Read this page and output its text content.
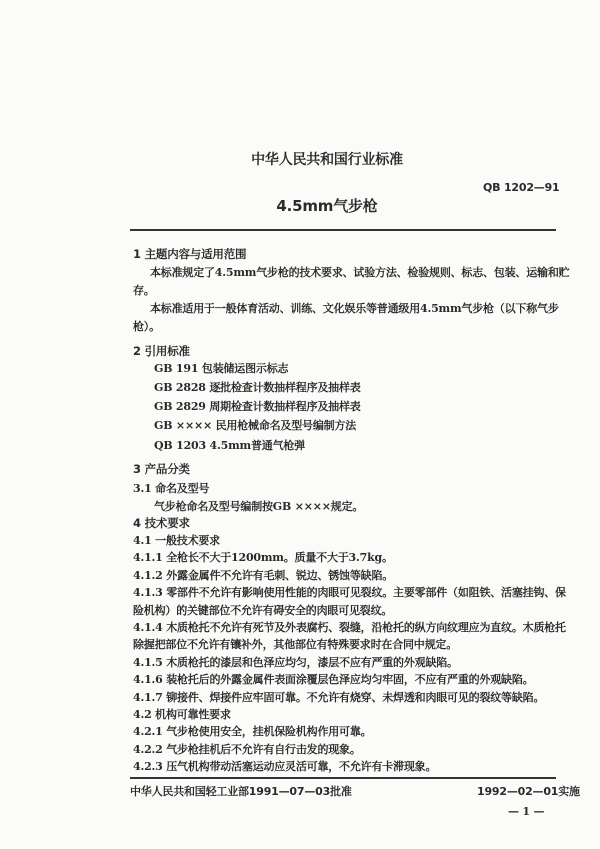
中华人民共和国行业标准
QB 1202—91
4.5mm气步枪
1 主题内容与适用范围
本标准规定了4.5mm气步枪的技术要求、试验方法、检验规则、标志、包装、运输和贮
存。
本标准适用于一般体育活动、训练、文化娱乐等普通级用4.5mm气步枪（以下称气步
枪）。
2 引用标准
GB 191 包装储运图示标志
GB 2828 逐批检查计数抽样程序及抽样表
GB 2829 周期检查计数抽样程序及抽样表
GB ×××× 民用枪械命名及型号编制方法
QB 1203 4.5mm普通气枪弹
3 产品分类
3.1 命名及型号
气步枪命名及型号编制按GB ××××规定。
4 技术要求
4.1 一般技术要求
4.1.1 全枪长不大于1200mm。质量不大于3.7kg。
4.1.2 外露金属件不允许有毛刺、锐边、锈蚀等缺陷。
4.1.3 零部件不允许有影响使用性能的肉眼可见裂纹。主要零部件（如阻铁、活塞挂钩、保
险机构）的关键部位不允许有碍安全的肉眼可见裂纹。
4.1.4 木质枪托不允许有死节及外表腐朽、裂缝，沿枪托的纵方向纹理应为直纹。木质枪托
除握把部位不允许有镶补外，其他部位有特殊要求时在合同中规定。
4.1.5 木质枪托的漆层和色泽应均匀，漆层不应有严重的外观缺陷。
4.1.6 装枪托后的外露金属件表面涂覆层色泽应均匀牢固，不应有严重的外观缺陷。
4.1.7 铆接件、焊接件应牢固可靠。不允许有烧穿、未焊透和肉眼可见的裂纹等缺陷。
4.2 机构可靠性要求
4.2.1 气步枪使用安全，挂机保险机构作用可靠。
4.2.2 气步枪挂机后不允许有自行击发的现象。
4.2.3 压气机构带动活塞运动应灵活可靠，不允许有卡滞现象。
中华人民共和国轻工业部1991—07—03批准	1992—02—01实施
— 1 —
